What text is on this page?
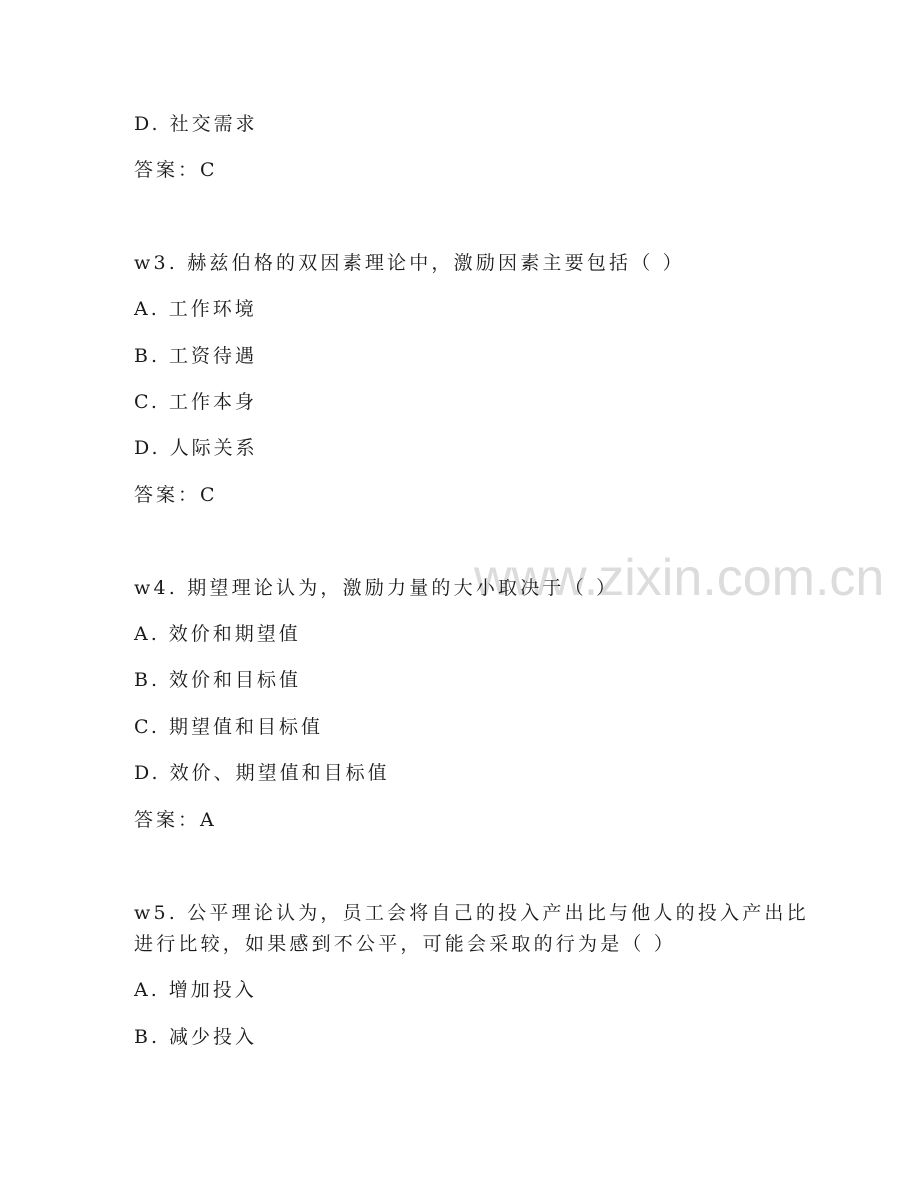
www.zixin.com.cn
D. 社交需求
答案：C
w3. 赫兹伯格的双因素理论中，激励因素主要包括（ ）
A. 工作环境
B. 工资待遇
C. 工作本身
D. 人际关系
答案：C
w4. 期望理论认为，激励力量的大小取决于（ ）
A. 效价和期望值
B. 效价和目标值
C. 期望值和目标值
D. 效价、期望值和目标值
答案：A
w5. 公平理论认为，员工会将自己的投入产出比与他人的投入产出比
进行比较，如果感到不公平，可能会采取的行为是（ ）
A. 增加投入
B. 减少投入
